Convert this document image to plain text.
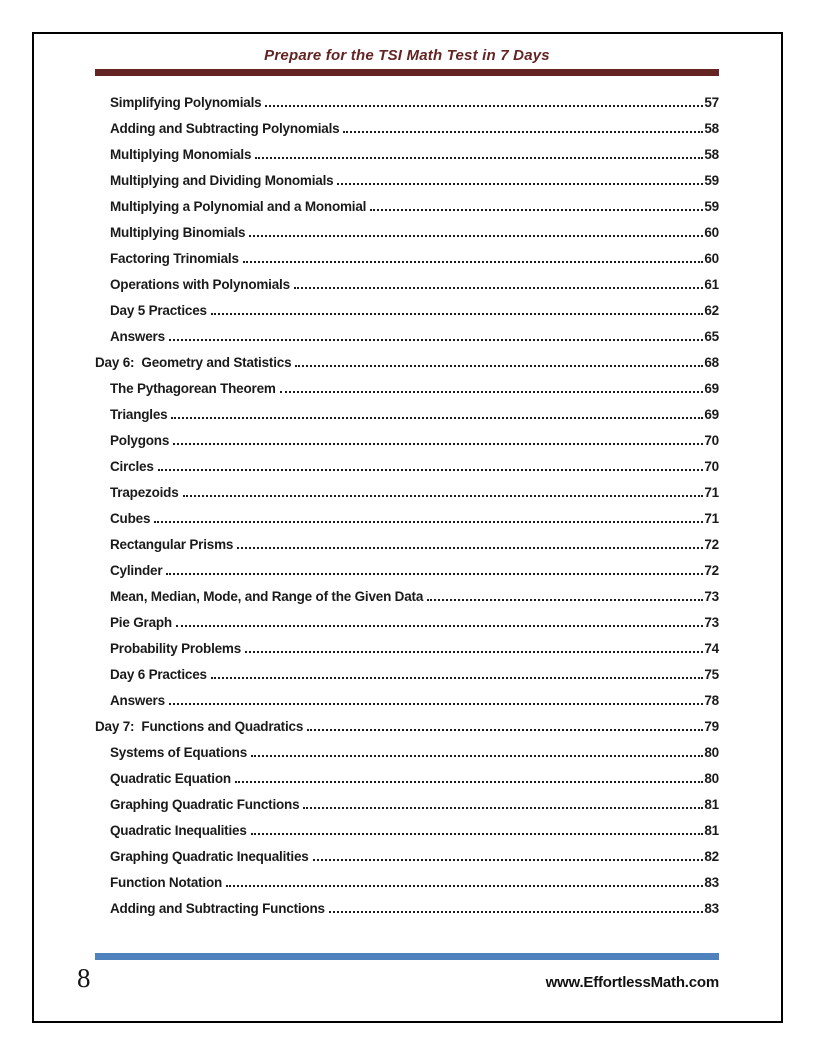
Prepare for the TSI Math Test in 7 Days
Simplifying Polynomials	57
Adding and Subtracting Polynomials	58
Multiplying Monomials	58
Multiplying and Dividing Monomials	59
Multiplying a Polynomial and a Monomial	59
Multiplying Binomials	60
Factoring Trinomials	60
Operations with Polynomials	61
Day 5 Practices	62
Answers	65
Day 6:  Geometry and Statistics	68
The Pythagorean Theorem	69
Triangles	69
Polygons	70
Circles	70
Trapezoids	71
Cubes	71
Rectangular Prisms	72
Cylinder	72
Mean, Median, Mode, and Range of the Given Data	73
Pie Graph	73
Probability Problems	74
Day 6 Practices	75
Answers	78
Day 7:  Functions and Quadratics	79
Systems of Equations	80
Quadratic Equation	80
Graphing Quadratic Functions	81
Quadratic Inequalities	81
Graphing Quadratic Inequalities	82
Function Notation	83
Adding and Subtracting Functions	83
8	www.EffortlessMath.com
